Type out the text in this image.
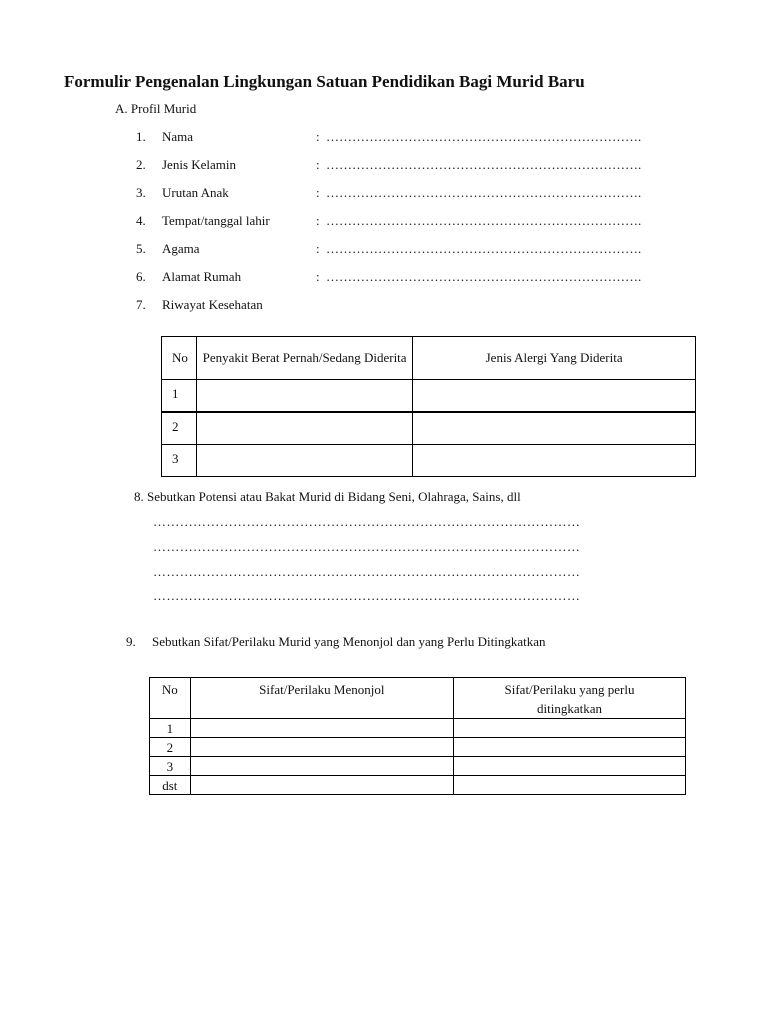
Formulir Pengenalan Lingkungan Satuan Pendidikan Bagi Murid Baru
A. Profil Murid
1. Nama	: ……………………………………………………………….
2. Jenis Kelamin	: ……………………………………………………………….
3. Urutan Anak	: ……………………………………………………………….
4. Tempat/tanggal lahir	: ……………………………………………………………….
5. Agama	: ……………………………………………………………….
6. Alamat Rumah	: ……………………………………………………………….
7. Riwayat Kesehatan
No	Penyakit Berat Pernah/Sedang Diderita	Jenis Alergi Yang Diderita
1		
2		
3		
8. Sebutkan Potensi atau Bakat Murid di Bidang Seni, Olahraga, Sains, dll
……………………………………………………………………………………
……………………………………………………………………………………
……………………………………………………………………………………
……………………………………………………………………………………
9. Sebutkan Sifat/Perilaku Murid yang Menonjol dan yang Perlu Ditingkatkan
No	Sifat/Perilaku Menonjol	Sifat/Perilaku yang perlu ditingkatkan
1		
2		
3		
dst		
